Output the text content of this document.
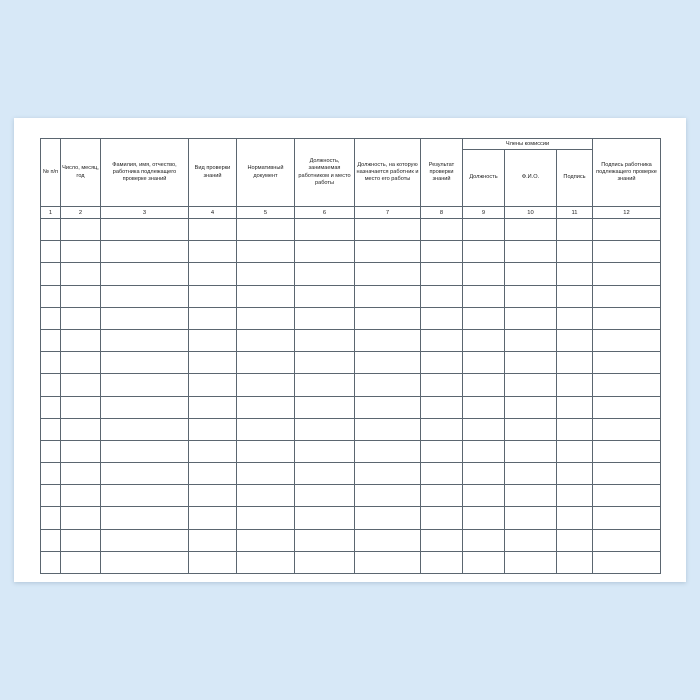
№ п/п	Число, месяц, год	Фамилия, имя, отчество, работника подлежащего проверке знаний	Вид проверки знаний	Нормативный документ	Должность, занимаемая работником и место работы	Должность, на которую назначается работник и место его работы	Результат проверки знаний	Члены комиссии			Подпись работника подлежащего проверке знаний
								Должность	Ф.И.О.	Подпись	
1	2	3	4	5	6	7	8	9	10	11	12
